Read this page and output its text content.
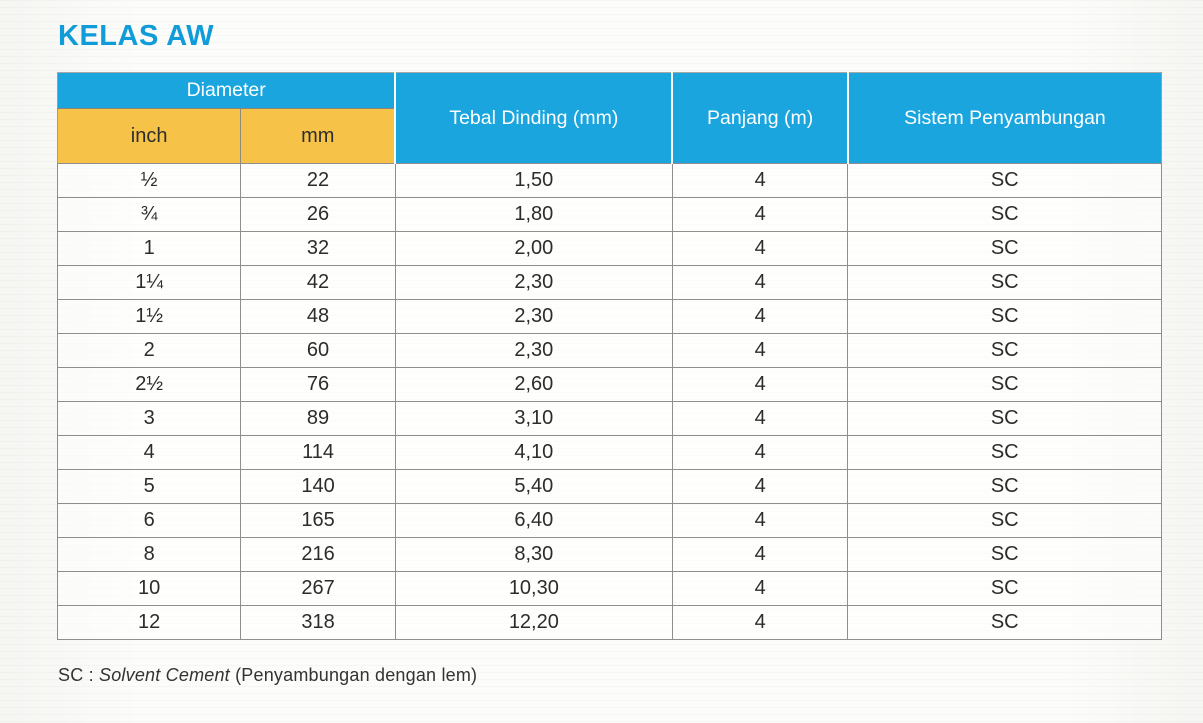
KELAS AW
Diameter		Tebal Dinding (mm)	Panjang (m)	Sistem Penyambungan
inch	mm			
½	22	1,50	4	SC
¾	26	1,80	4	SC
1	32	2,00	4	SC
1¼	42	2,30	4	SC
1½	48	2,30	4	SC
2	60	2,30	4	SC
2½	76	2,60	4	SC
3	89	3,10	4	SC
4	114	4,10	4	SC
5	140	5,40	4	SC
6	165	6,40	4	SC
8	216	8,30	4	SC
10	267	10,30	4	SC
12	318	12,20	4	SC
SC : Solvent Cement (Penyambungan dengan lem)
